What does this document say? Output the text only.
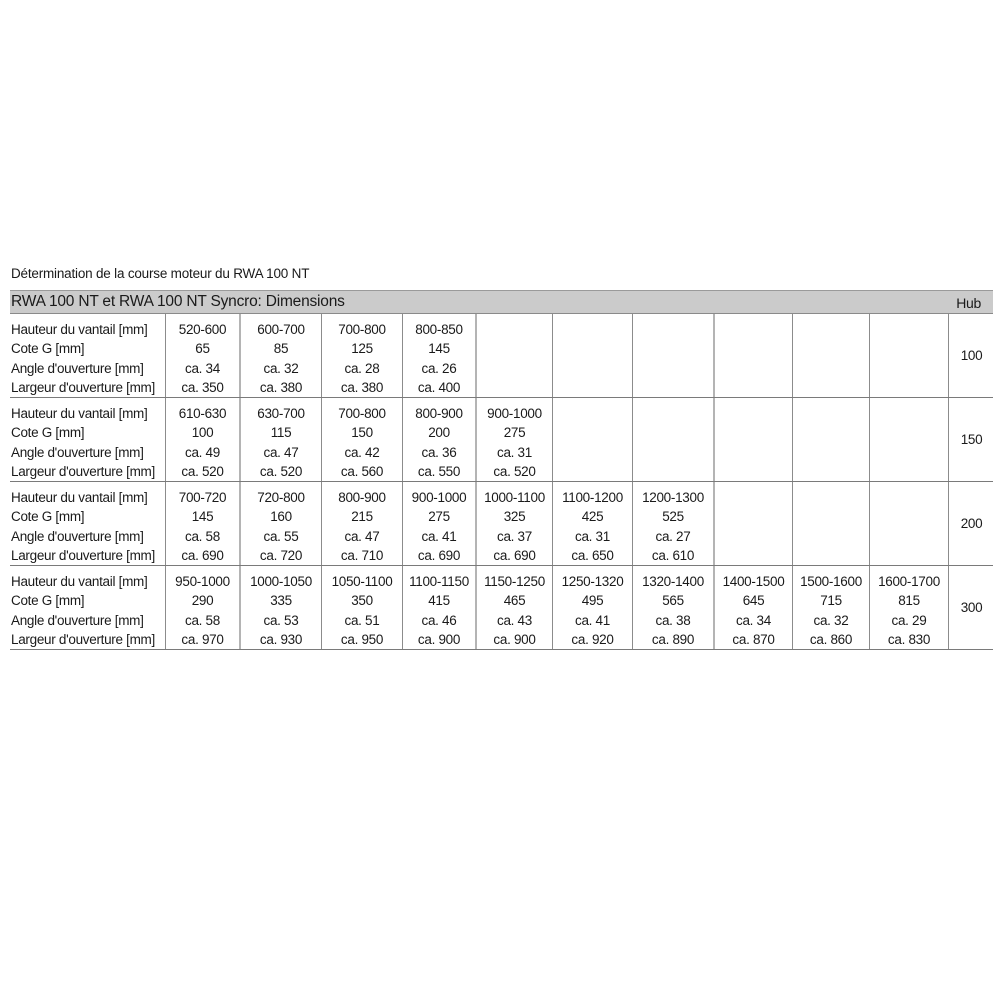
Détermination de la course moteur du RWA 100 NT
RWA 100 NT et RWA 100 NT Syncro: Dimensions	Hub
Hauteur du vantail [mm]
Cote G [mm]
Angle d'ouverture [mm]
Largeur d'ouverture [mm]
520-600
65
ca. 34
ca. 350
600-700
85
ca. 32
ca. 380
700-800
125
ca. 28
ca. 380
800-850
145
ca. 26
ca. 400
100
Hauteur du vantail [mm]
Cote G [mm]
Angle d'ouverture [mm]
Largeur d'ouverture [mm]
610-630
100
ca. 49
ca. 520
630-700
115
ca. 47
ca. 520
700-800
150
ca. 42
ca. 560
800-900
200
ca. 36
ca. 550
900-1000
275
ca. 31
ca. 520
150
Hauteur du vantail [mm]
Cote G [mm]
Angle d'ouverture [mm]
Largeur d'ouverture [mm]
700-720
145
ca. 58
ca. 690
720-800
160
ca. 55
ca. 720
800-900
215
ca. 47
ca. 710
900-1000
275
ca. 41
ca. 690
1000-1100
325
ca. 37
ca. 690
1100-1200
425
ca. 31
ca. 650
1200-1300
525
ca. 27
ca. 610
200
Hauteur du vantail [mm]
Cote G [mm]
Angle d'ouverture [mm]
Largeur d'ouverture [mm]
950-1000
290
ca. 58
ca. 970
1000-1050
335
ca. 53
ca. 930
1050-1100
350
ca. 51
ca. 950
1100-1150
415
ca. 46
ca. 900
1150-1250
465
ca. 43
ca. 900
1250-1320
495
ca. 41
ca. 920
1320-1400
565
ca. 38
ca. 890
1400-1500
645
ca. 34
ca. 870
1500-1600
715
ca. 32
ca. 860
1600-1700
815
ca. 29
ca. 830
300
